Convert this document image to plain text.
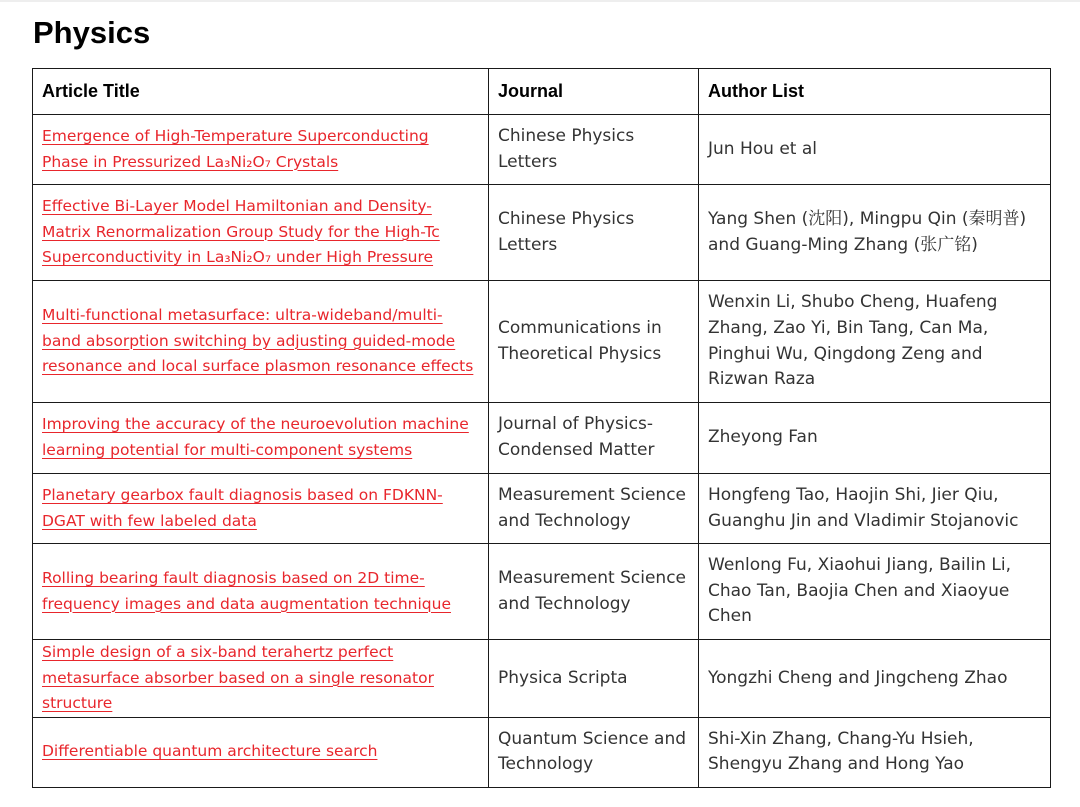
Physics
Article Title	Journal	Author List
Emergence of High-Temperature Superconducting Phase in Pressurized La₃Ni₂O₇ Crystals	Chinese Physics Letters	Jun Hou et al
Effective Bi-Layer Model Hamiltonian and Density-Matrix Renormalization Group Study for the High-Tc Superconductivity in La₃Ni₂O₇ under High Pressure	Chinese Physics Letters	Yang Shen (沈阳), Mingpu Qin (秦明普) and Guang-Ming Zhang (张广铭)
Multi-functional metasurface: ultra-wideband/multi-band absorption switching by adjusting guided-mode resonance and local surface plasmon resonance effects	Communications in Theoretical Physics	Wenxin Li, Shubo Cheng, Huafeng Zhang, Zao Yi, Bin Tang, Can Ma, Pinghui Wu, Qingdong Zeng and Rizwan Raza
Improving the accuracy of the neuroevolution machine learning potential for multi-component systems	Journal of Physics-Condensed Matter	Zheyong Fan
Planetary gearbox fault diagnosis based on FDKNN-DGAT with few labeled data	Measurement Science and Technology	Hongfeng Tao, Haojin Shi, Jier Qiu, Guanghu Jin and Vladimir Stojanovic
Rolling bearing fault diagnosis based on 2D time-frequency images and data augmentation technique	Measurement Science and Technology	Wenlong Fu, Xiaohui Jiang, Bailin Li, Chao Tan, Baojia Chen and Xiaoyue Chen
Simple design of a six-band terahertz perfect metasurface absorber based on a single resonator structure	Physica Scripta	Yongzhi Cheng and Jingcheng Zhao
Differentiable quantum architecture search	Quantum Science and Technology	Shi-Xin Zhang, Chang-Yu Hsieh, Shengyu Zhang and Hong Yao
